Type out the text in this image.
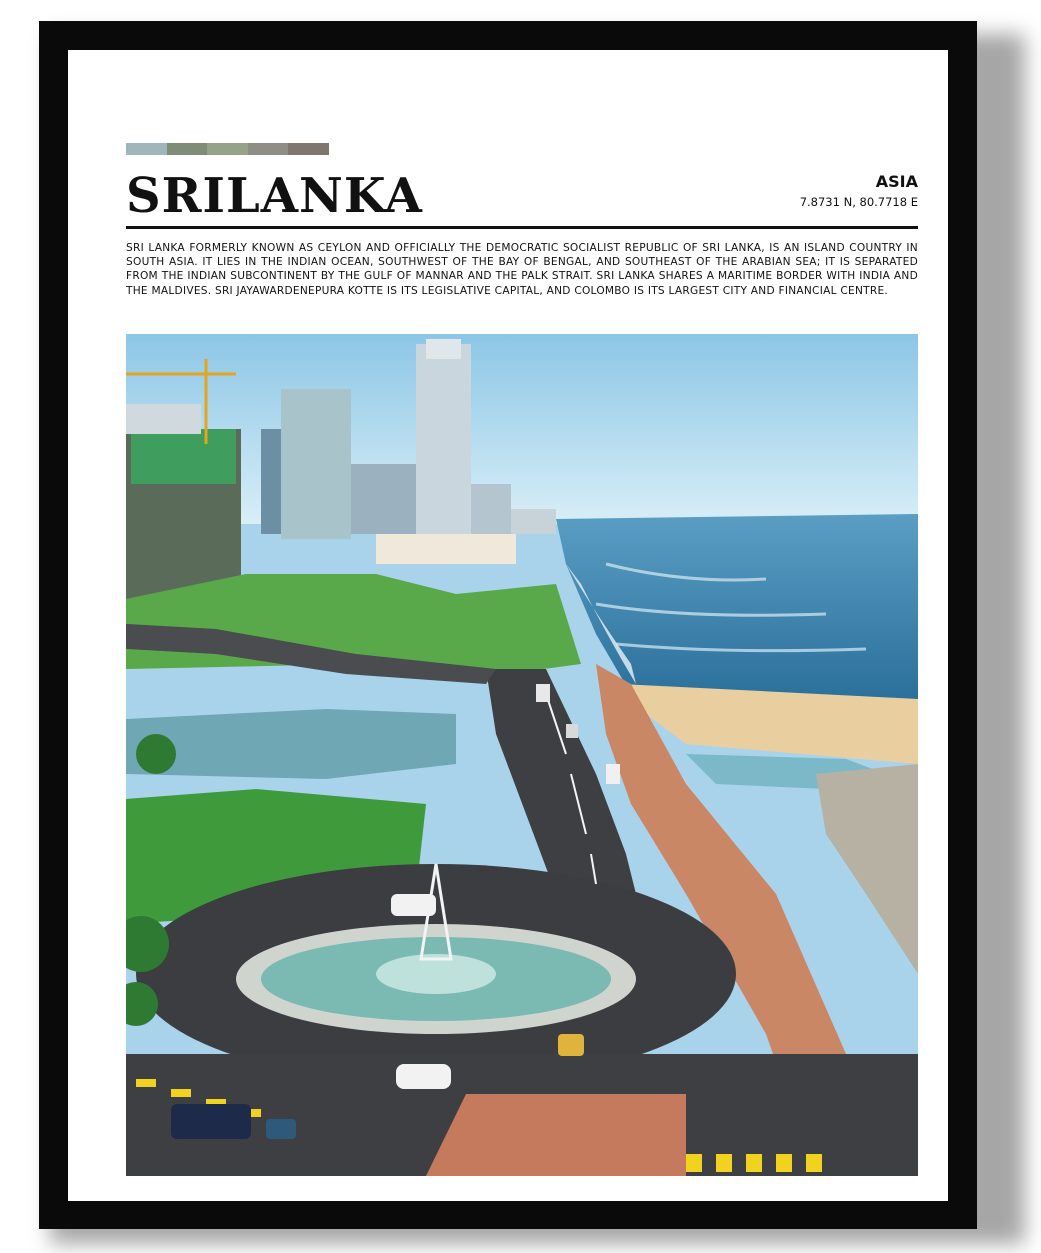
SRILANKA	ASIA
7.8731 N, 80.7718 E

SRI LANKA FORMERLY KNOWN AS CEYLON AND OFFICIALLY THE DEMOCRATIC SOCIALIST REPUBLIC OF SRI LANKA, IS AN ISLAND COUNTRY IN SOUTH ASIA. IT LIES IN THE INDIAN OCEAN, SOUTHWEST OF THE BAY OF BENGAL, AND SOUTHEAST OF THE ARABIAN SEA; IT IS SEPARATED FROM THE INDIAN SUBCONTINENT BY THE GULF OF MANNAR AND THE PALK STRAIT. SRI LANKA SHARES A MARITIME BORDER WITH INDIA AND THE MALDIVES. SRI JAYAWARDENEPURA KOTTE IS ITS LEGISLATIVE CAPITAL, AND COLOMBO IS ITS LARGEST CITY AND FINANCIAL CENTRE.
